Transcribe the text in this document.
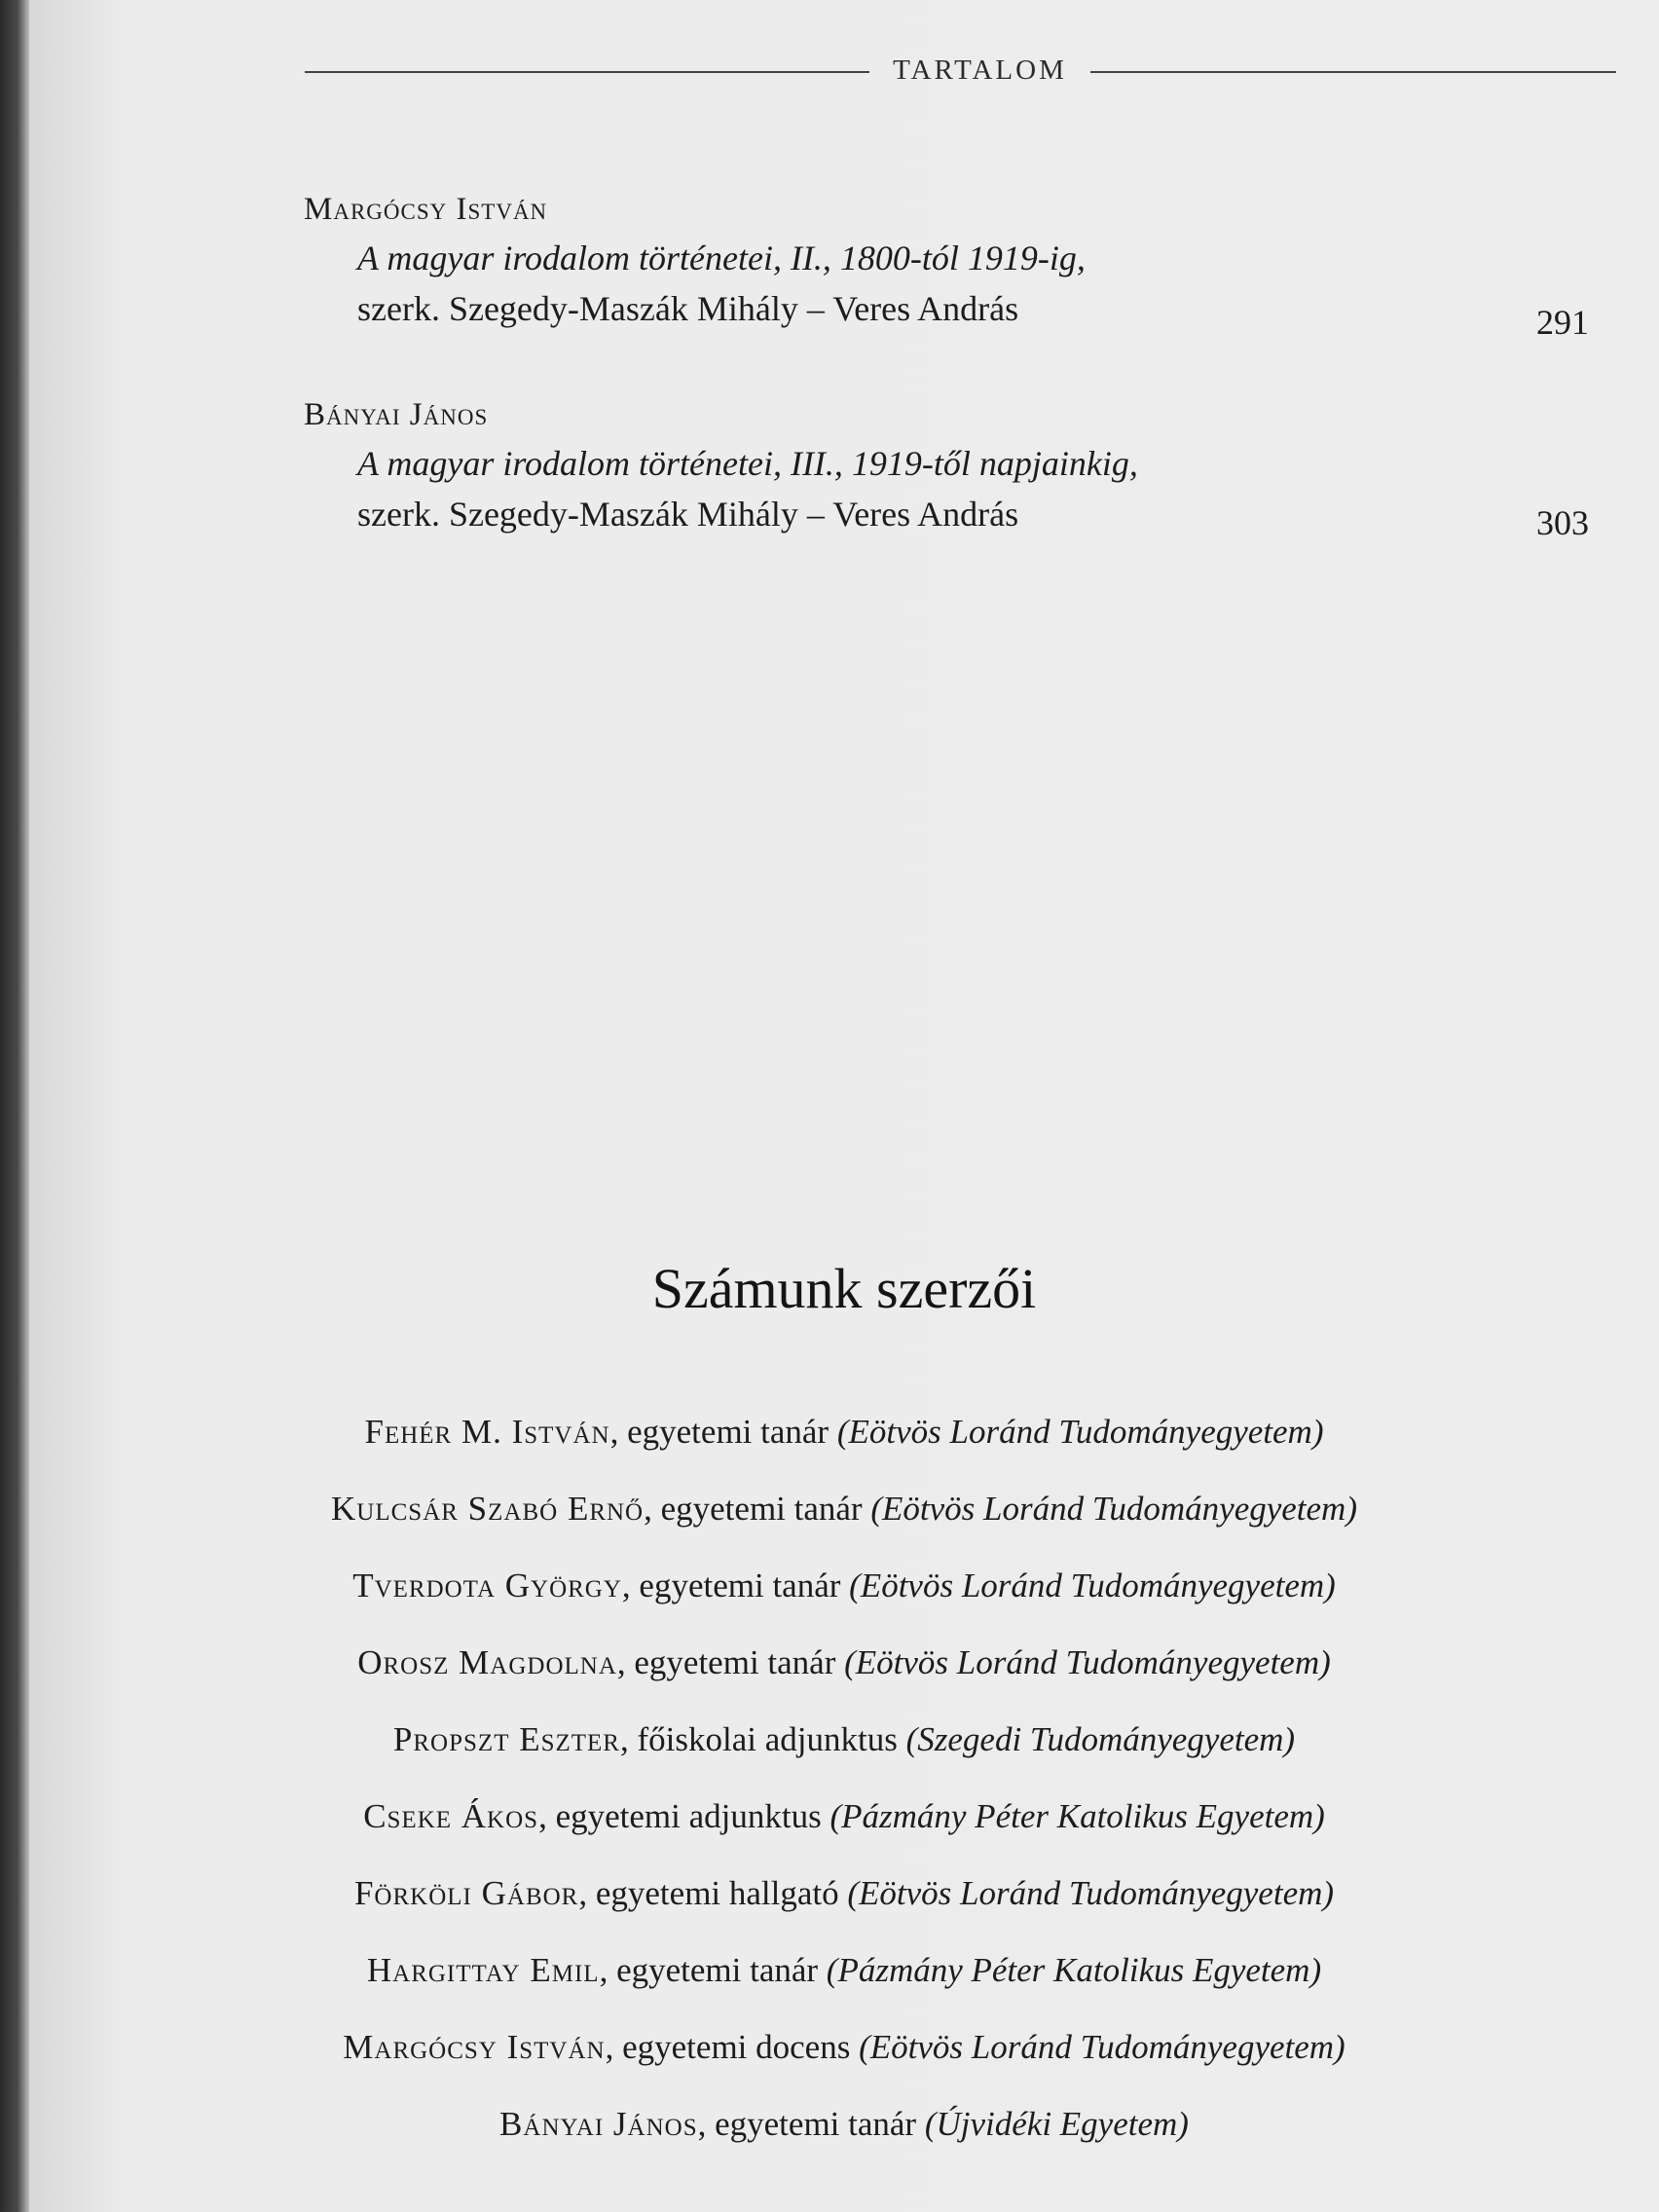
TARTALOM
Margócsy István
A magyar irodalom történetei, II., 1800-tól 1919-ig,
szerk. Szegedy-Maszák Mihály – Veres András	291
Bányai János
A magyar irodalom történetei, III., 1919-től napjainkig,
szerk. Szegedy-Maszák Mihály – Veres András	303
Számunk szerzői
Fehér M. István, egyetemi tanár (Eötvös Loránd Tudományegyetem)
Kulcsár Szabó Ernő, egyetemi tanár (Eötvös Loránd Tudományegyetem)
Tverdota György, egyetemi tanár (Eötvös Loránd Tudományegyetem)
Orosz Magdolna, egyetemi tanár (Eötvös Loránd Tudományegyetem)
Propszt Eszter, főiskolai adjunktus (Szegedi Tudományegyetem)
Cseke Ákos, egyetemi adjunktus (Pázmány Péter Katolikus Egyetem)
Förköli Gábor, egyetemi hallgató (Eötvös Loránd Tudományegyetem)
Hargittay Emil, egyetemi tanár (Pázmány Péter Katolikus Egyetem)
Margócsy István, egyetemi docens (Eötvös Loránd Tudományegyetem)
Bányai János, egyetemi tanár (Újvidéki Egyetem)
